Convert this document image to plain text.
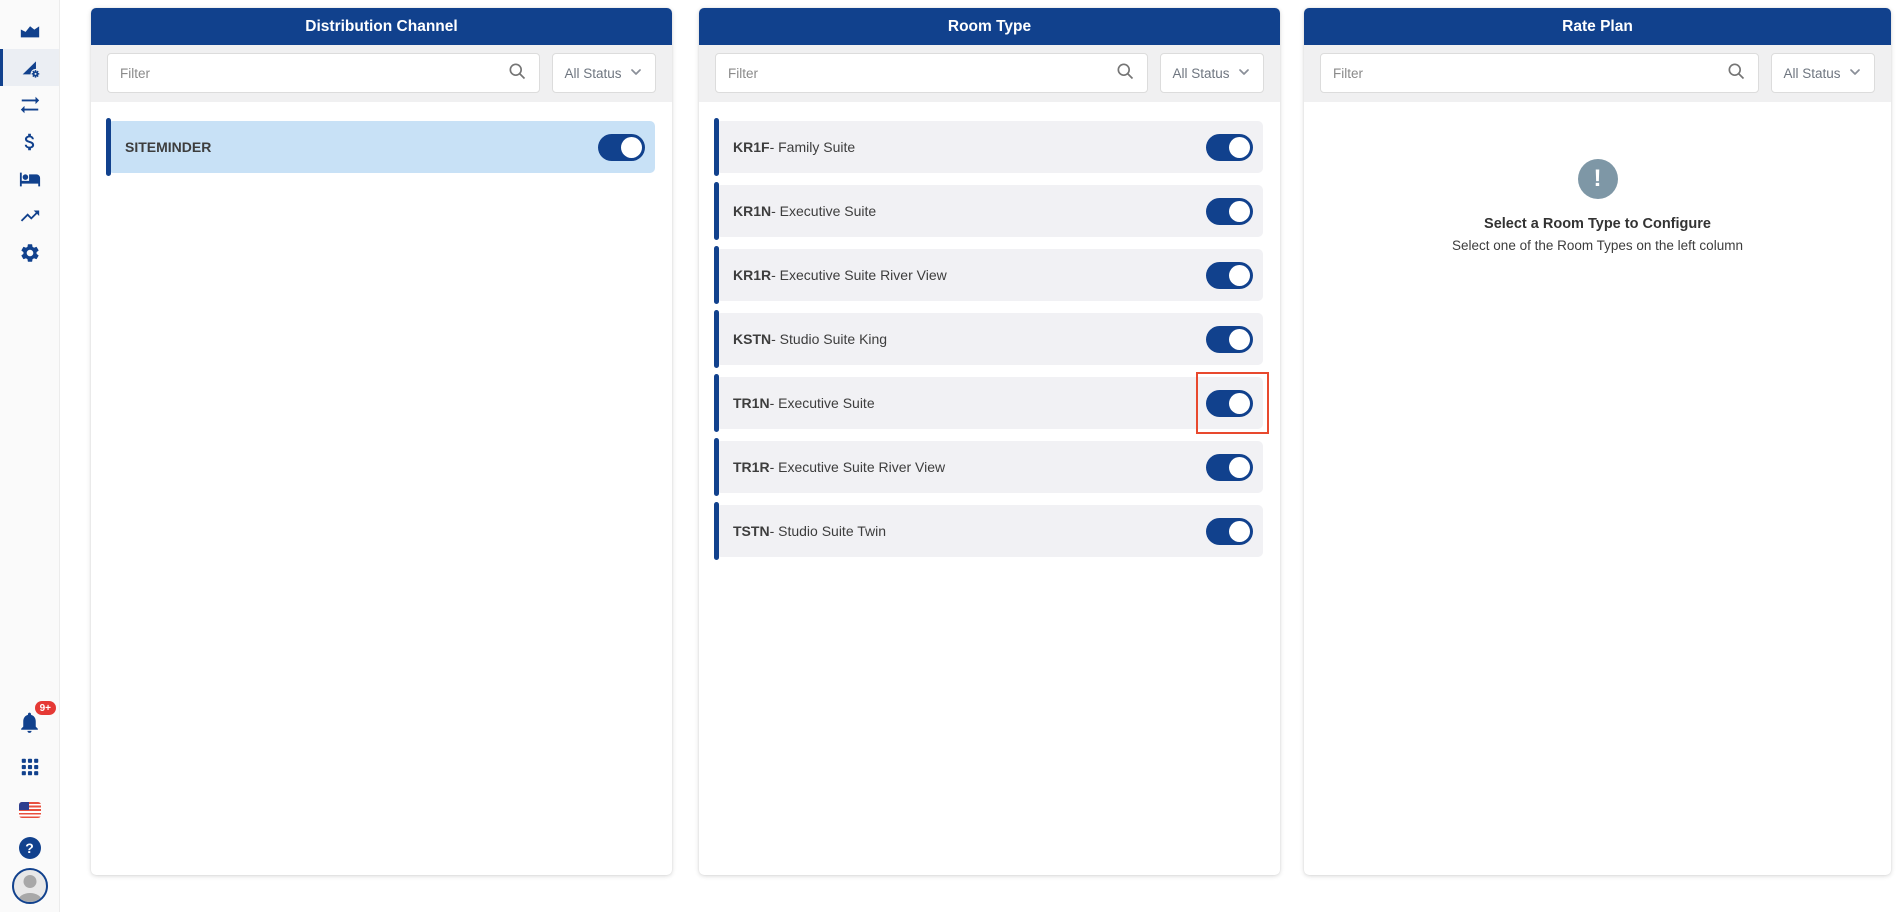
9+
?
Distribution Channel
Filter
All Status
SITEMINDER
Room Type
Filter
All Status
KR1F - Family Suite
KR1N - Executive Suite
KR1R - Executive Suite River View
KSTN - Studio Suite King
TR1N - Executive Suite
TR1R - Executive Suite River View
TSTN - Studio Suite Twin
Rate Plan
Filter
All Status
!
Select a Room Type to Configure
Select one of the Room Types on the left column
